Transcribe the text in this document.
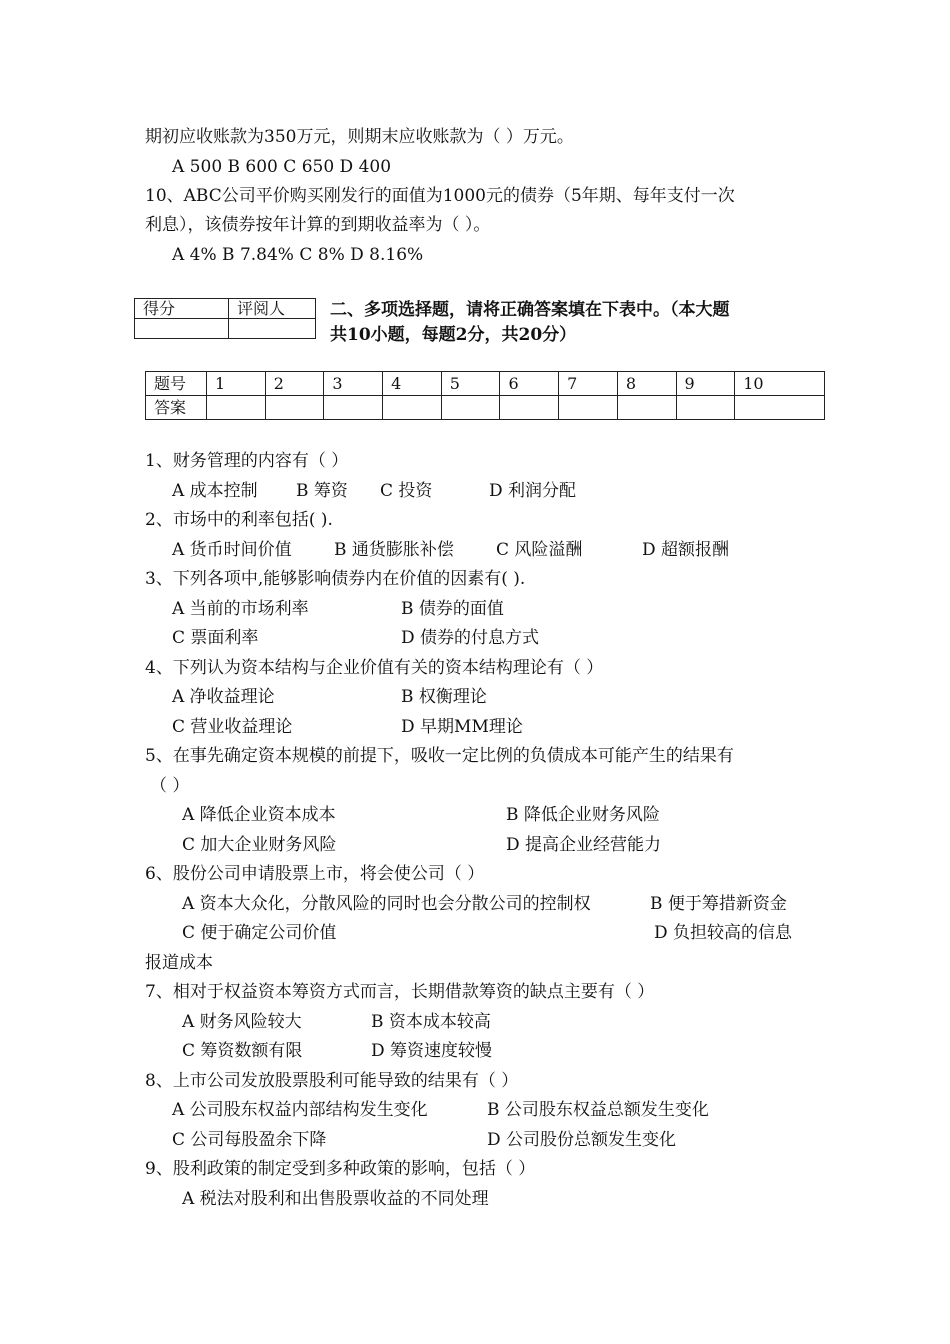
期初应收账款为350万元，则期末应收账款为（ ）万元。
A 500 B 600 C 650 D 400
10、ABC公司平价购买刚发行的面值为1000元的债券（5年期、每年支付一次
利息），该债券按年计算的到期收益率为（ ）。
A 4% B 7.84% C 8% D 8.16%
得分	评阅人
		二、多项选择题，请将正确答案填在下表中。（本大题
共10小题，每题2分，共20分）
题号	1	2	3	4	5	6	7	8	9	10
答案										
1、财务管理的内容有（ ）
A 成本控制 B 筹资 C 投资	D 利润分配
2、市场中的利率包括( ).
A 货币时间价值 B 通货膨胀补偿 C 风险溢酬	D 超额报酬
3、下列各项中,能够影响债券内在价值的因素有( ).
A 当前的市场利率	B 债券的面值
C 票面利率	D 债券的付息方式
4、下列认为资本结构与企业价值有关的资本结构理论有（ ）
A 净收益理论	B 权衡理论
C 营业收益理论	D 早期MM理论
5、在事先确定资本规模的前提下，吸收一定比例的负债成本可能产生的结果有
（ ）
A 降低企业资本成本	B 降低企业财务风险
C 加大企业财务风险	D 提高企业经营能力
6、股份公司申请股票上市，将会使公司（ ）
A 资本大众化，分散风险的同时也会分散公司的控制权	B 便于筹措新资金
C 便于确定公司价值	D 负担较高的信息
报道成本
7、相对于权益资本筹资方式而言，长期借款筹资的缺点主要有（ ）
A 财务风险较大	B 资本成本较高
C 筹资数额有限	D 筹资速度较慢
8、上市公司发放股票股利可能导致的结果有（ ）
A 公司股东权益内部结构发生变化	B 公司股东权益总额发生变化
C 公司每股盈余下降	D 公司股份总额发生变化
9、股利政策的制定受到多种政策的影响，包括（ ）
A 税法对股利和出售股票收益的不同处理
